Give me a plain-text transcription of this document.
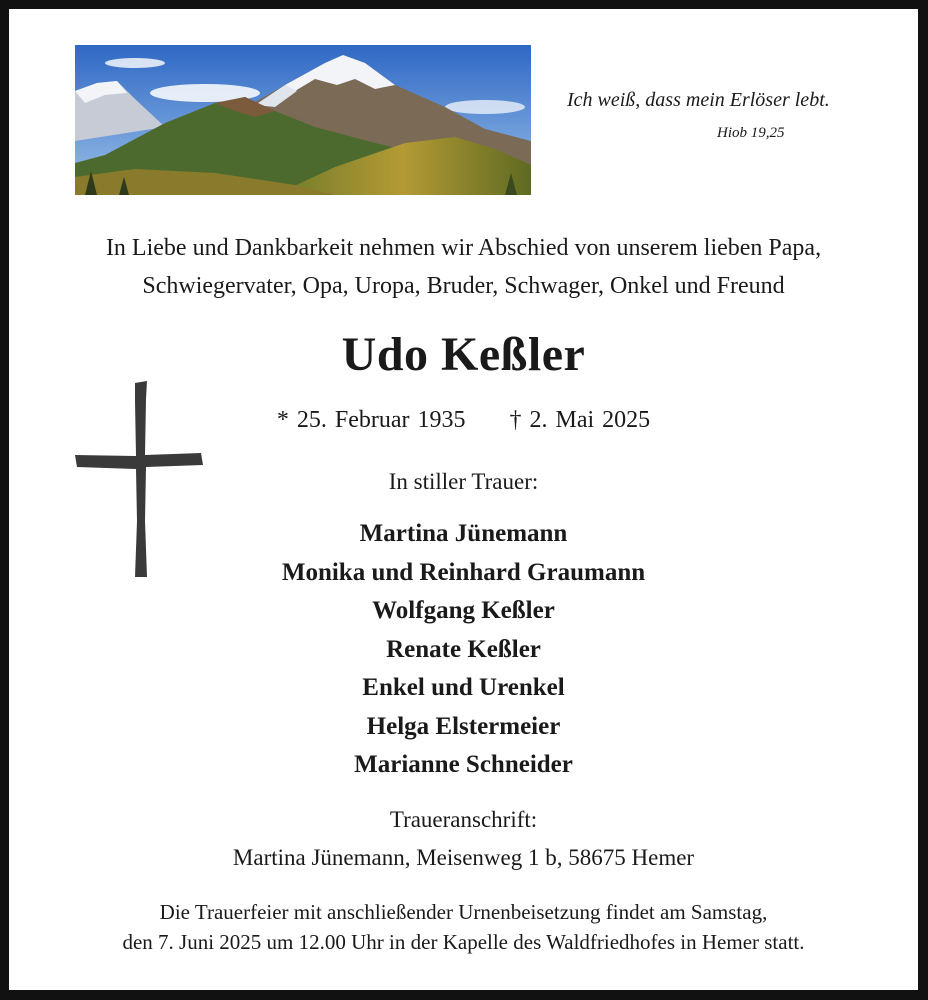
Ich weiß, dass mein Erlöser lebt.
Hiob 19,25
In Liebe und Dankbarkeit nehmen wir Abschied von unserem lieben Papa,
Schwiegervater, Opa, Uropa, Bruder, Schwager, Onkel und Freund
Udo Keßler
* 25. Februar 1935 † 2. Mai 2025
In stiller Trauer:
Martina Jünemann
Monika und Reinhard Graumann
Wolfgang Keßler
Renate Keßler
Enkel und Urenkel
Helga Elstermeier
Marianne Schneider
Traueranschrift:
Martina Jünemann, Meisenweg 1 b, 58675 Hemer
Die Trauerfeier mit anschließender Urnenbeisetzung findet am Samstag,
den 7. Juni 2025 um 12.00 Uhr in der Kapelle des Waldfriedhofes in Hemer statt.
